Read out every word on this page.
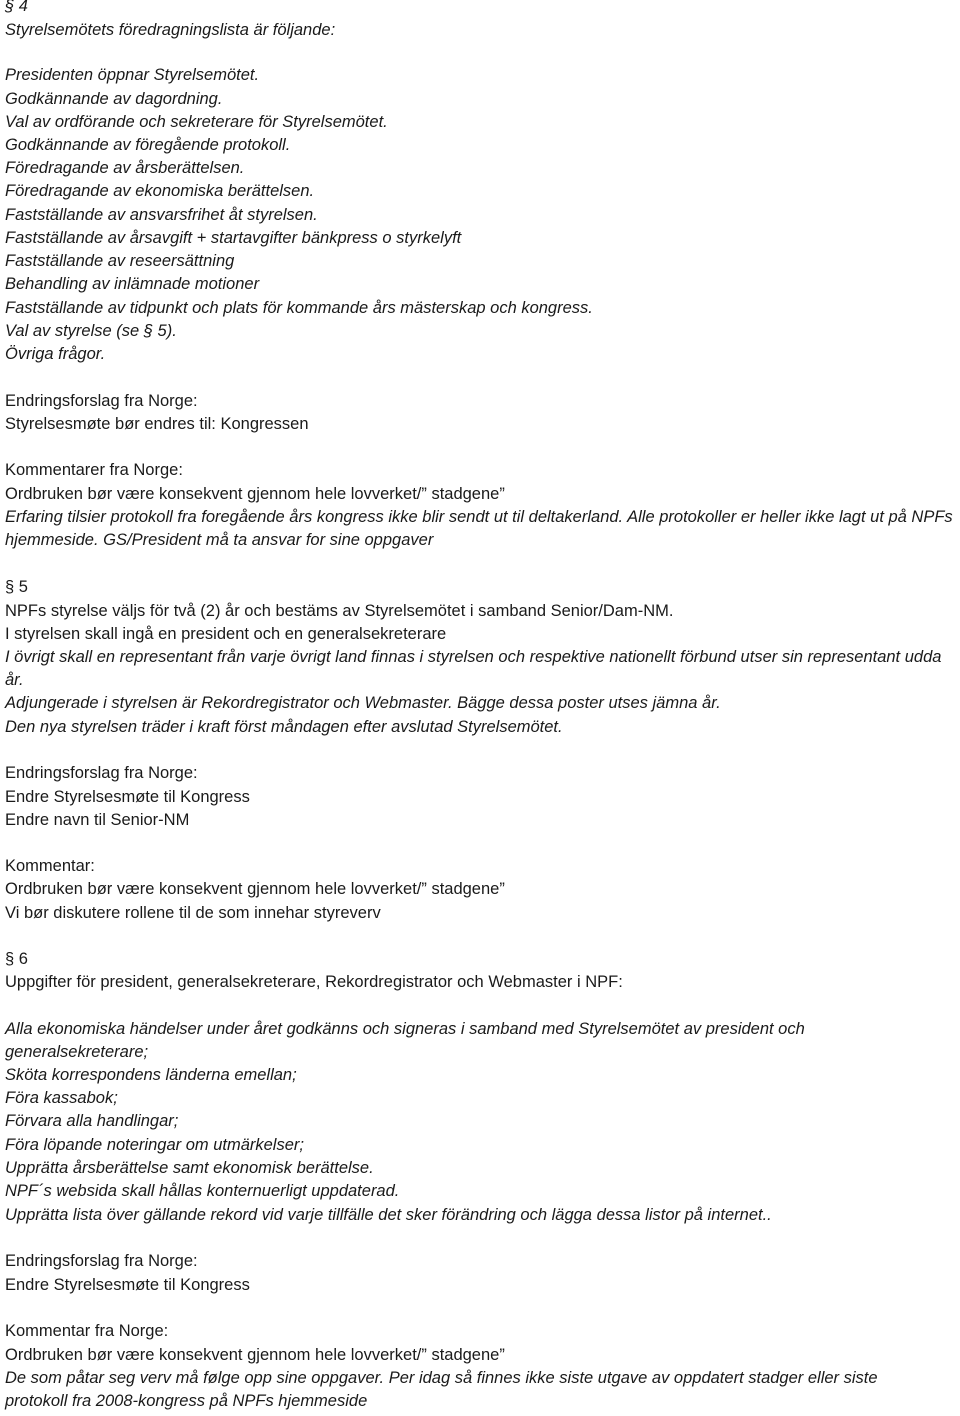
§ 4
Styrelsemötets föredragningslista är följande:
Presidenten öppnar Styrelsemötet.
Godkännande av dagordning.
Val av ordförande och sekreterare för Styrelsemötet.
Godkännande av föregående protokoll.
Föredragande av årsberättelsen.
Föredragande av ekonomiska berättelsen.
Fastställande av ansvarsfrihet åt styrelsen.
Fastställande av årsavgift + startavgifter bänkpress o styrkelyft
Fastställande av reseersättning
Behandling av inlämnade motioner
Fastställande av tidpunkt och plats för kommande års mästerskap och kongress.
Val av styrelse (se § 5).
Övriga frågor.
Endringsforslag fra Norge:
Styrelsesmøte bør endres til: Kongressen
Kommentarer fra Norge:
Ordbruken bør være konsekvent gjennom hele lovverket/” stadgene”
Erfaring tilsier protokoll fra foregående års kongress ikke blir sendt ut til deltakerland. Alle protokoller er heller ikke lagt ut på NPFs hjemmeside. GS/President må ta ansvar for sine oppgaver
§ 5
NPFs styrelse väljs för två (2) år och bestäms av Styrelsemötet i samband Senior/Dam-NM.
I styrelsen skall ingå en president och en generalsekreterare
I övrigt skall en representant från varje övrigt land finnas i styrelsen och respektive nationellt förbund utser sin representant udda år.
Adjungerade i styrelsen är Rekordregistrator och Webmaster. Bägge dessa poster utses jämna år.
Den nya styrelsen träder i kraft först måndagen efter avslutad Styrelsemötet.
Endringsforslag fra Norge:
Endre Styrelsesmøte til Kongress
Endre navn til Senior-NM
Kommentar:
Ordbruken bør være konsekvent gjennom hele lovverket/” stadgene”
Vi bør diskutere rollene til de som innehar styreverv
§ 6
Uppgifter för president, generalsekreterare, Rekordregistrator och Webmaster i NPF:
Alla ekonomiska händelser under året godkänns och signeras i samband med Styrelsemötet av president och generalsekreterare;
Sköta korrespondens länderna emellan;
Föra kassabok;
Förvara alla handlingar;
Föra löpande noteringar om utmärkelser;
Upprätta årsberättelse samt ekonomisk berättelse.
NPF´s websida skall hållas konternuerligt uppdaterad.
Upprätta lista över gällande rekord vid varje tillfälle det sker förändring och lägga dessa listor på internet..
Endringsforslag fra Norge:
Endre Styrelsesmøte til Kongress
Kommentar fra Norge:
Ordbruken bør være konsekvent gjennom hele lovverket/” stadgene”
De som påtar seg verv må følge opp sine oppgaver. Per idag så finnes ikke siste utgave av oppdatert stadger eller siste protokoll fra 2008-kongress på NPFs hjemmeside
